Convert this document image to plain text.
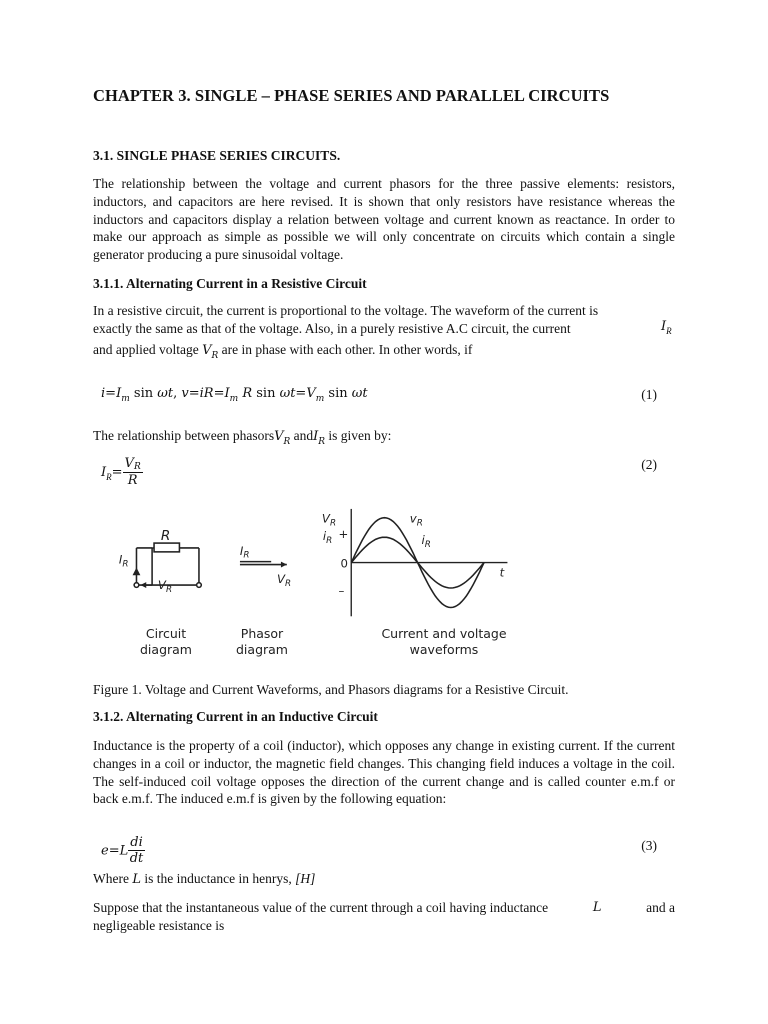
CHAPTER 3. SINGLE – PHASE SERIES AND PARALLEL CIRCUITS
3.1. SINGLE PHASE SERIES CIRCUITS.

The relationship between the voltage and current phasors for the three passive elements: resistors, inductors, and capacitors are here revised. It is shown that only resistors have resistance whereas the inductors and capacitors display a relation between voltage and current known as reactance. In order to make our approach as simple as possible we will only concentrate on circuits which contain a single generator producing a pure sinusoidal voltage.

3.1.1. Alternating Current in a Resistive Circuit
In a resistive circuit, the current is proportional to the voltage. The waveform of the current is
exactly the same as that of the voltage. Also, in a purely resistive A.C circuit, the current	$I_R$
and applied voltage $V_R$ are in phase with each other. In other words, if
$i=I_m$ sin ωt, $v=iR=I_m$ R $\sin \omega t=V_m$ sin ωt	(1)
The relationship between phasorsV$_R$ andI$_R$ is given by:
$I_R= \frac{VR}{R}$	(2)
R
$I_R$
$V_R$
$I_R$
$V_R$
$V_R$
$i_R$ +
0
–
$v_R$
$i_R$
t
Circuit
diagram
Phasor
diagram
Current and voltage
waveforms
Figure 1. Voltage and Current Waveforms, and Phasors diagrams for a Resistive Circuit.
3.1.2. Alternating Current in an Inductive Circuit

Inductance is the property of a coil (inductor), which opposes any change in existing current. If the current changes in a coil or inductor, the magnetic field changes. This changing field induces a voltage in the coil. The self-induced coil voltage opposes the direction of the current change and is called counter e.m.f or back e.m.f. The induced e.m.f is given by the following equation:

$e=L \frac{di}{dt}$	(3)
Where L is the inductance in henrys, [H]
Suppose that the instantaneous value of the current through a coil having inductance	L	and a
negligeable resistance is
